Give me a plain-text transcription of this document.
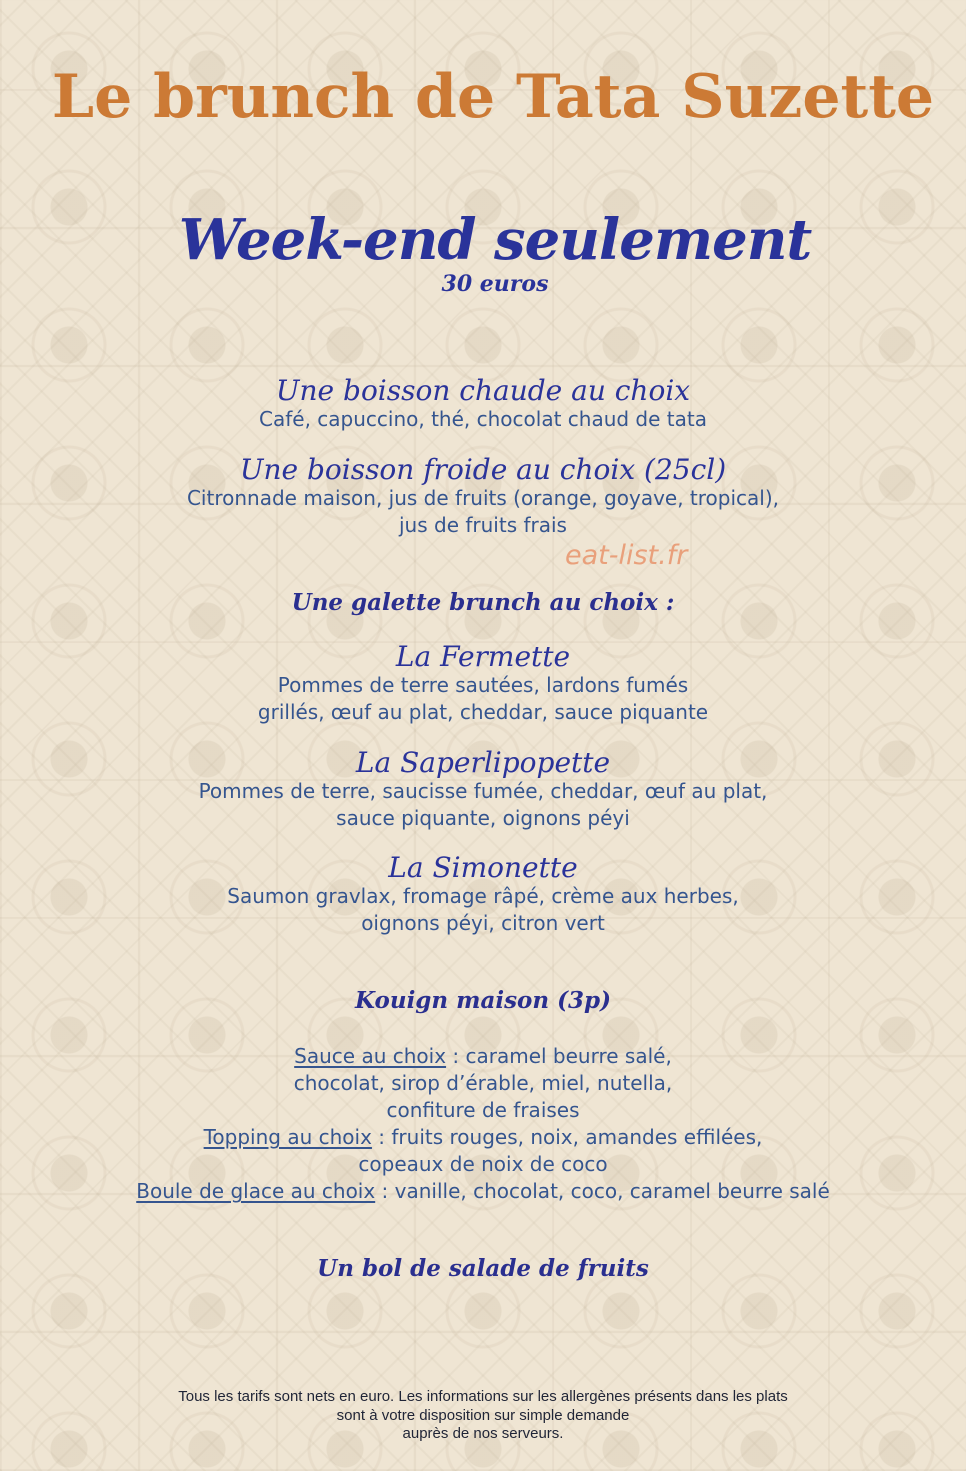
Le brunch de Tata Suzette
Week-end seulement
30 euros
Une boisson chaude au choix
Café, capuccino, thé, chocolat chaud de tata
Une boisson froide au choix (25cl)
Citronnade maison, jus de fruits (orange, goyave, tropical),
jus de fruits frais
eat-list.fr
Une galette brunch au choix :
La Fermette
Pommes de terre sautées, lardons fumés
grillés, œuf au plat, cheddar, sauce piquante
La Saperlipopette
Pommes de terre, saucisse fumée, cheddar, œuf au plat,
sauce piquante, oignons péyi
La Simonette
Saumon gravlax, fromage râpé, crème aux herbes,
oignons péyi, citron vert
Kouign maison (3p)
Sauce au choix : caramel beurre salé,
chocolat, sirop d’érable, miel, nutella,
confiture de fraises
Topping au choix : fruits rouges, noix, amandes effilées,
copeaux de noix de coco
Boule de glace au choix : vanille, chocolat, coco, caramel beurre salé
Un bol de salade de fruits
Tous les tarifs sont nets en euro. Les informations sur les allergènes présents dans les plats
sont à votre disposition sur simple demande
auprès de nos serveurs.
